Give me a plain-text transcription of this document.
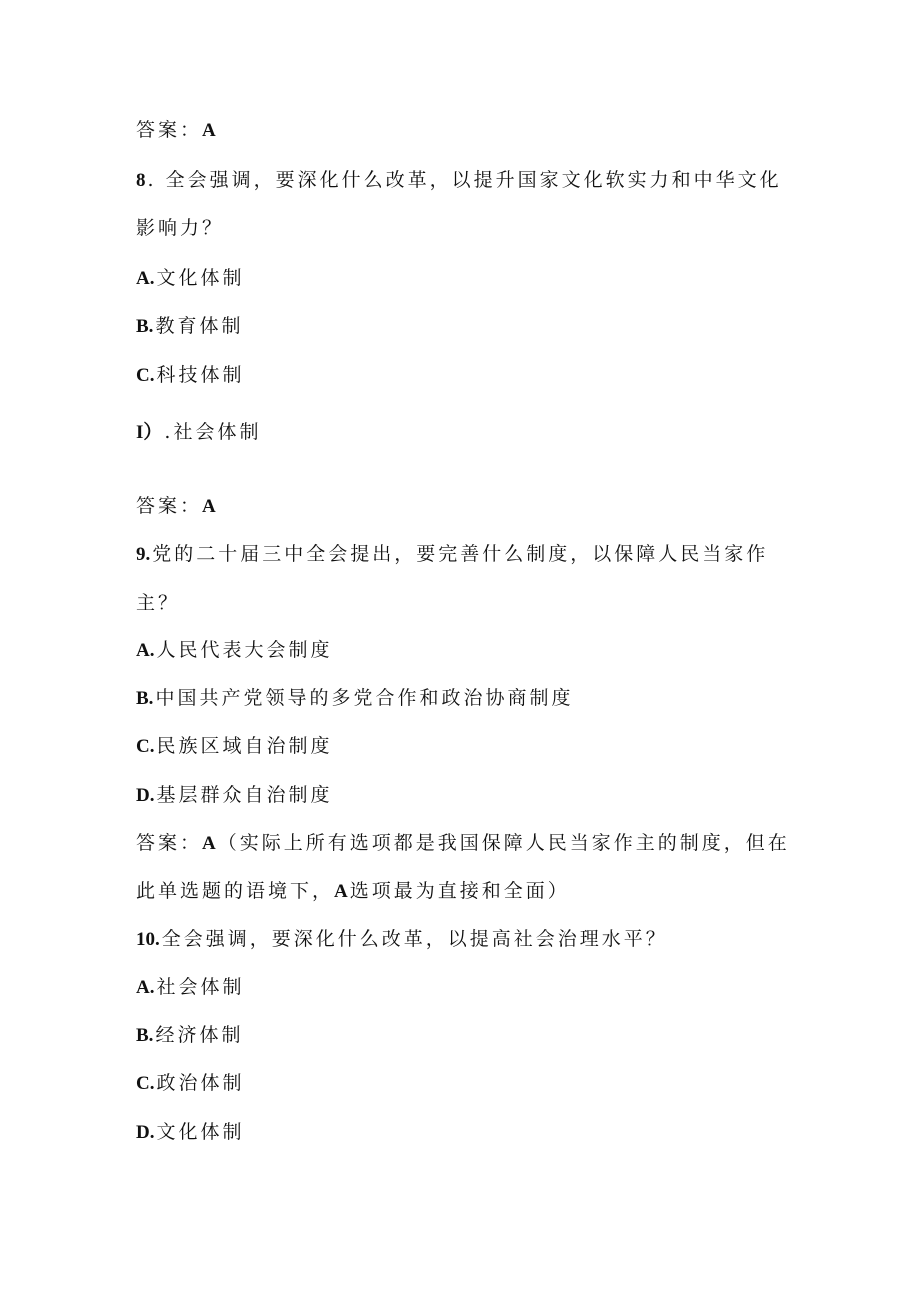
答案：A
8 . 全会强调，要深化什么改革，以提升国家文化软实力和中华文化
影响力？
A. 文化体制
B. 教育体制
C. 科技体制
I） .社会体制
答案：A
9. 党的二十届三中全会提出，要完善什么制度，以保障人民当家作
主？
A. 人民代表大会制度
B. 中国共产党领导的多党合作和政治协商制度
C. 民族区域自治制度
D. 基层群众自治制度
答案：A （实际上所有选项都是我国保障人民当家作主的制度，但在
此单选题的语境下，A 选项最为直接和全面）
10. 全会强调，要深化什么改革，以提高社会治理水平？
A. 社会体制
B. 经济体制
C. 政治体制
D. 文化体制
